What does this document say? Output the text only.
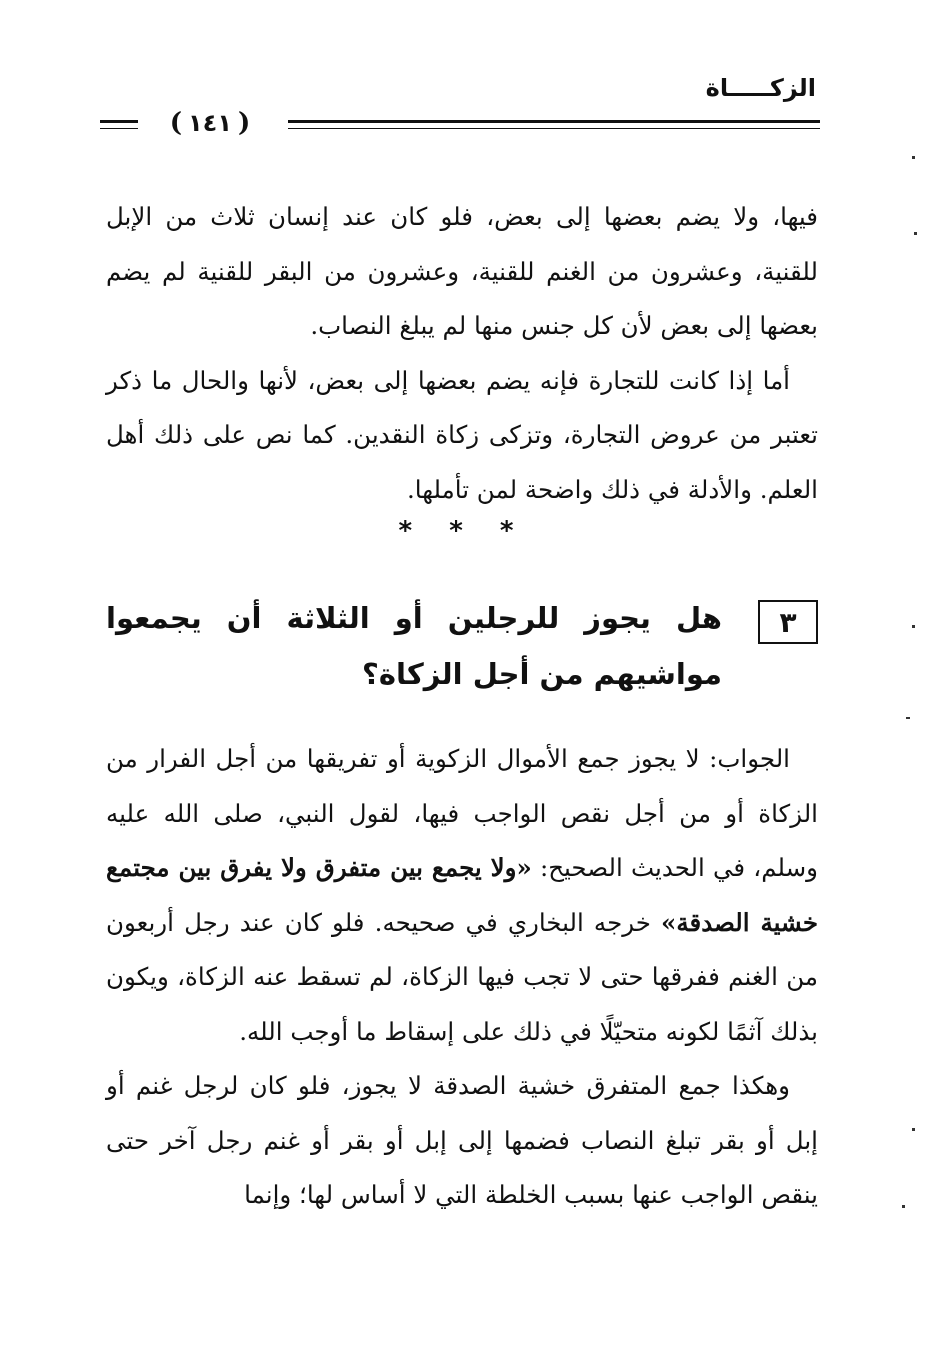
الزكـــــاة
( ١٤١ )

فيها، ولا يضم بعضها إلى بعض، فلو كان عند إنسان ثلاث من الإبل للقنية، وعشرون من الغنم للقنية، وعشرون من البقر للقنية لم يضم بعضها إلى بعض لأن كل جنس منها لم يبلغ النصاب.

أما إذا كانت للتجارة فإنه يضم بعضها إلى بعض، لأنها والحال ما ذكر تعتبر من عروض التجارة، وتزكى زكاة النقدين. كما نص على ذلك أهل العلم. والأدلة في ذلك واضحة لمن تأملها.

* * *
٣
هل يجوز للرجلين أو الثلاثة أن يجمعوا مواشيهم من أجل الزكاة؟

الجواب: لا يجوز جمع الأموال الزكوية أو تفريقها من أجل الفرار من الزكاة أو من أجل نقص الواجب فيها، لقول النبي، صلى الله عليه وسلم، في الحديث الصحيح: «ولا يجمع بين متفرق ولا يفرق بين مجتمع خشية الصدقة» خرجه البخاري في صحيحه. فلو كان عند رجل أربعون من الغنم ففرقها حتى لا تجب فيها الزكاة، لم تسقط عنه الزكاة، ويكون بذلك آثمًا لكونه متحيّلًا في ذلك على إسقاط ما أوجب الله.

وهكذا جمع المتفرق خشية الصدقة لا يجوز، فلو كان لرجل غنم أو إبل أو بقر تبلغ النصاب فضمها إلى إبل أو بقر أو غنم رجل آخر حتى ينقص الواجب عنها بسبب الخلطة التي لا أساس لها؛ وإنما
